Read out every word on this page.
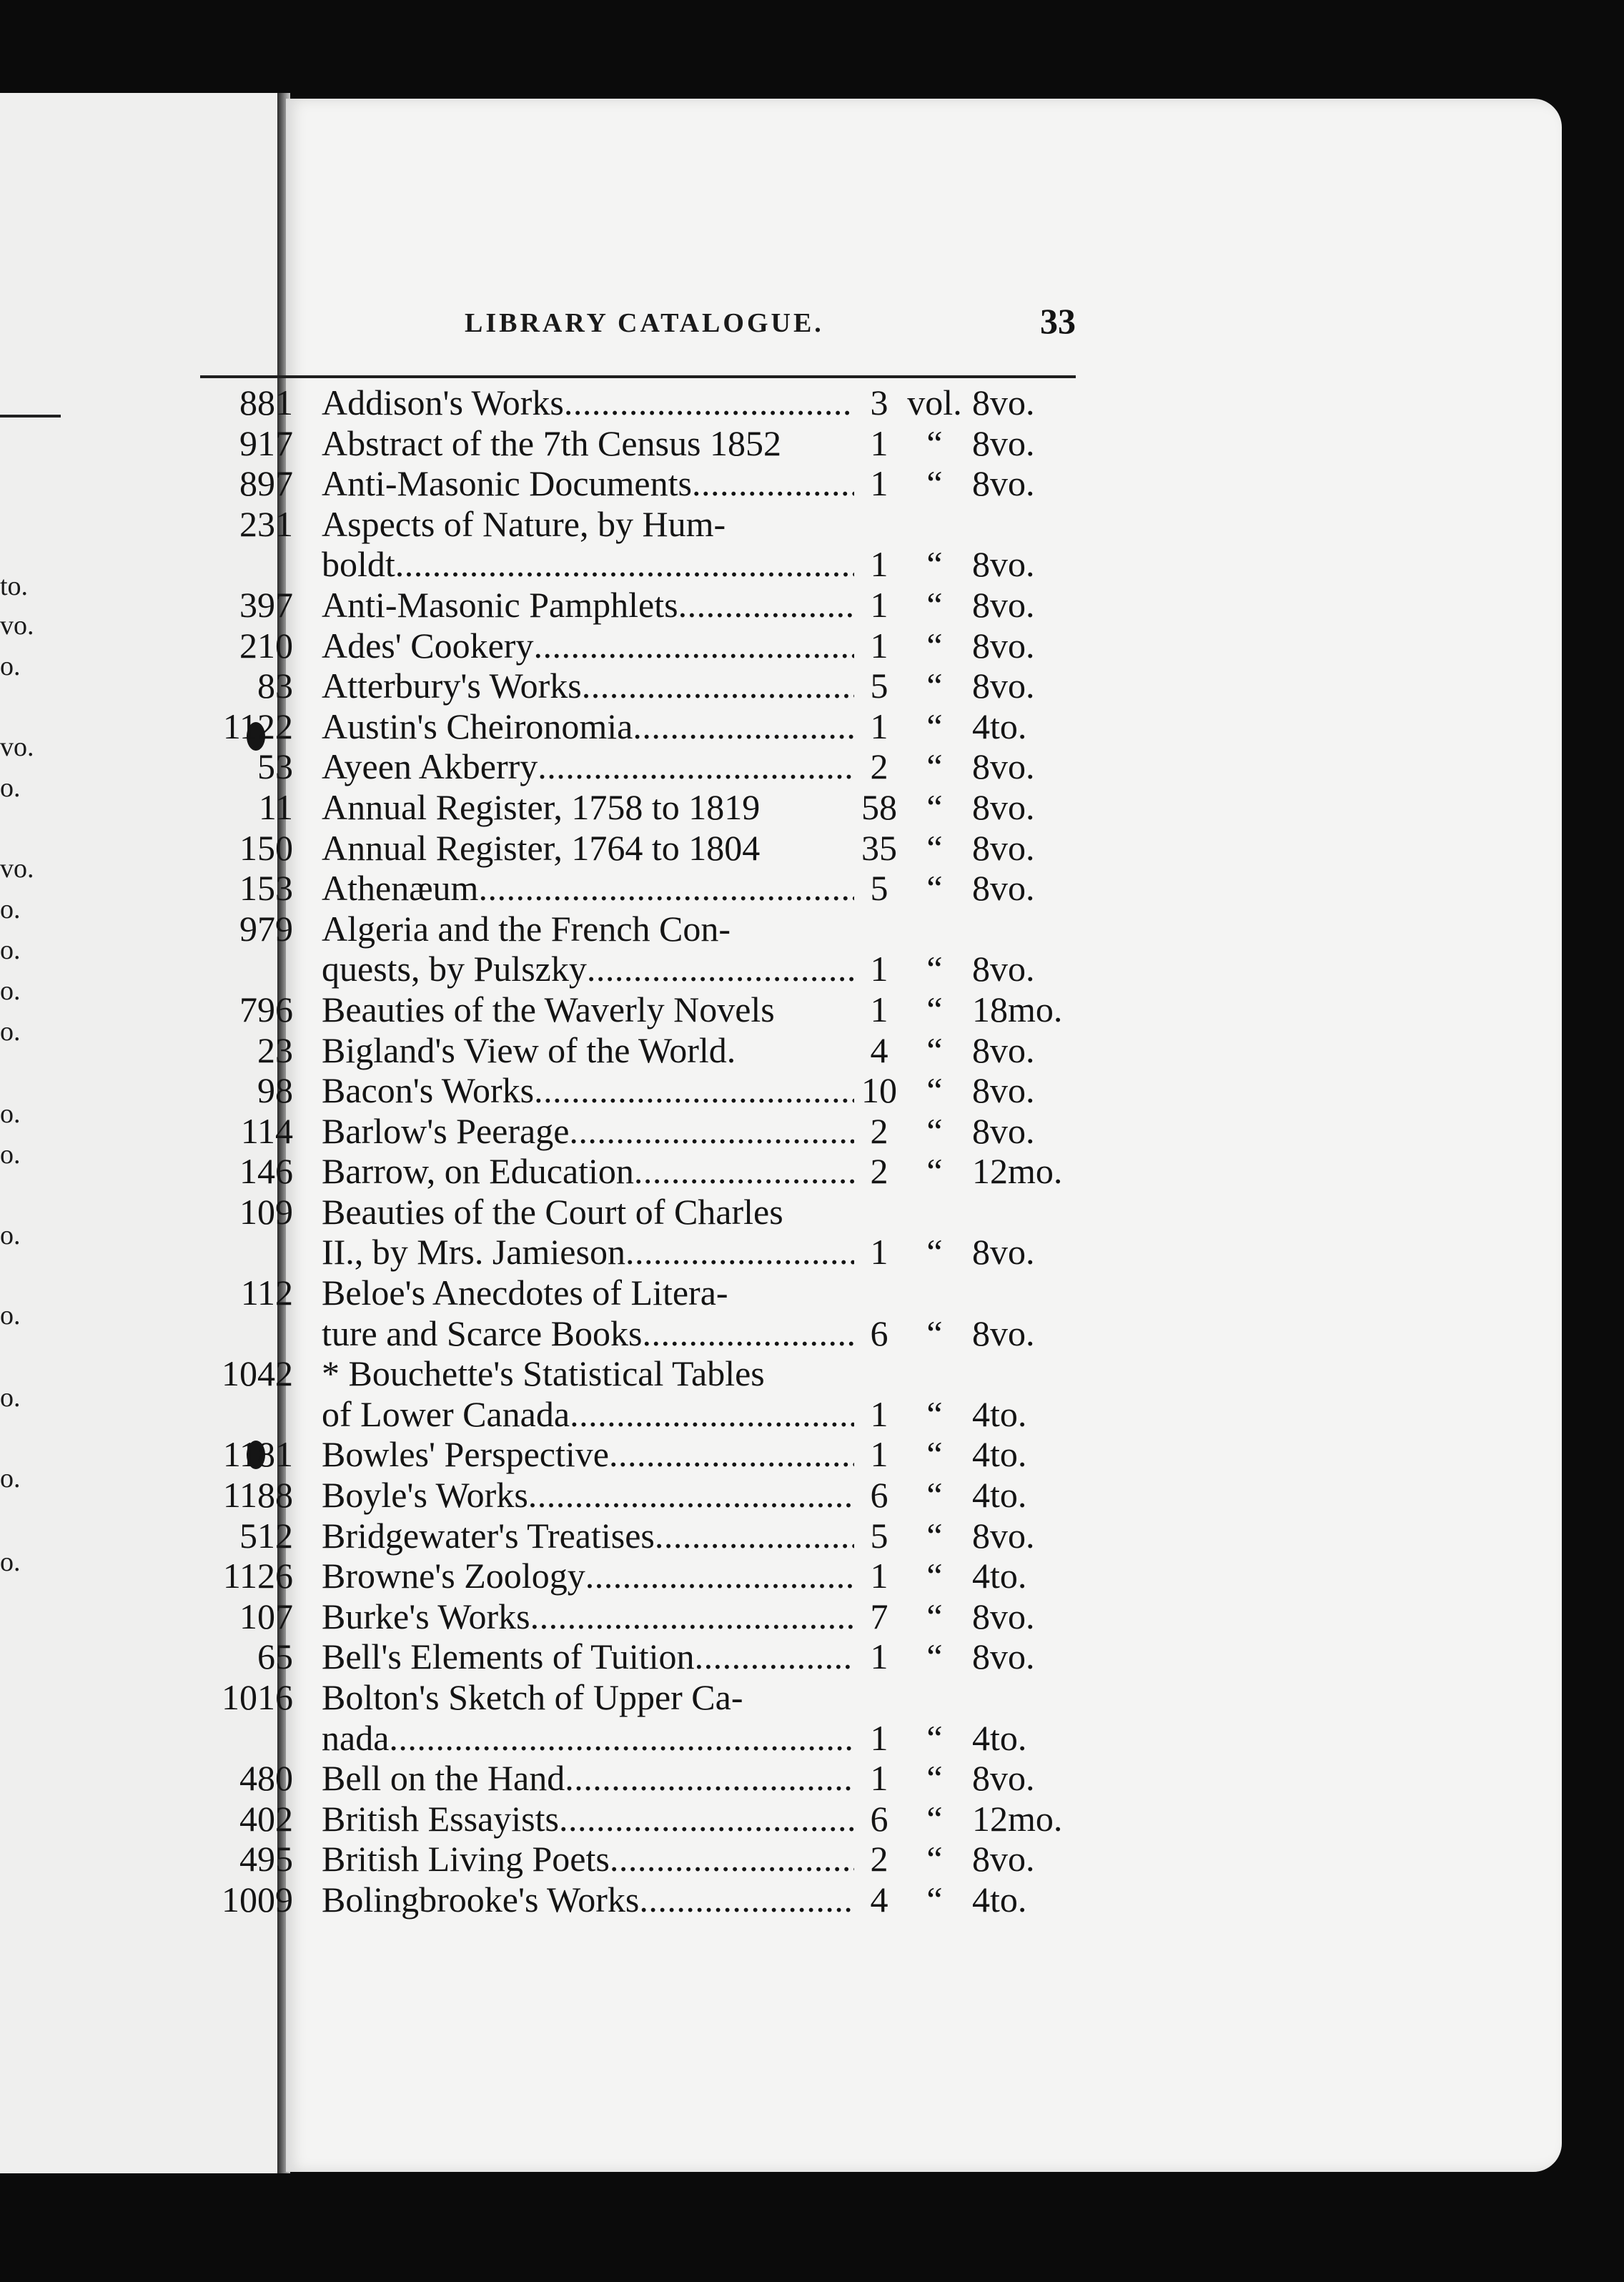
to.
vo.
o.
vo.
o.
vo.
o.
o.
o.
o.
o.
o.
o.
o.
o.
o.
o.
LIBRARY CATALOGUE.	33
881 Addison's Works . . .	3 vol. 8vo.
917 Abstract of the 7th Census 1852	1	“ 8vo.
897 Anti-Masonic Documents . . .	1	“ 8vo.
231 Aspects of Nature, by Hum-
boldt . . .	1	“ 8vo.
397 Anti-Masonic Pamphlets . . .	1	“ 8vo.
210 Ades' Cookery . . .	1	“ 8vo.
83 Atterbury's Works . . .	5	“ 8vo.
1122 Austin's Cheironomia . . .	1	“ 4to.
53 Ayeen Akberry . . .	2	“ 8vo.
11 Annual Register, 1758 to 1819	58 “ 8vo.
150 Annual Register, 1764 to 1804	35 “ 8vo.
153 Athenæum . . .	5	“ 8vo.
979 Algeria and the French Con-
quests, by Pulszky . . .	1	“ 8vo.
796 Beauties of the Waverly Novels	1	“ 18mo.
23 Bigland's View of the World.	4	“ 8vo.
98 Bacon's Works . . .	10 “ 8vo.
114 Barlow's Peerage . . .	2	“ 8vo.
146 Barrow, on Education . . .	2	“ 12mo.
109 Beauties of the Court of Charles
II., by Mrs. Jamieson . . .	1	“ 8vo.
112 Beloe's Anecdotes of Litera-
ture and Scarce Books . . .	6	“ 8vo.
1042 * Bouchette's Statistical Tables
of Lower Canada . . .	1	“ 4to.
1181 Bowles' Perspective . . .	1	“ 4to.
1188 Boyle's Works . . .	6	“ 4to.
512 Bridgewater's Treatises . . .	5	“ 8vo.
1126 Browne's Zoology . . .	1	“ 4to.
107 Burke's Works . . .	7	“ 8vo.
65 Bell's Elements of Tuition . . .	1	“ 8vo.
1016 Bolton's Sketch of Upper Ca-
nada . . .	1	“ 4to.
480 Bell on the Hand . . .	1	“ 8vo.
402 British Essayists . . .	6	“ 12mo.
495 British Living Poets . . .	2	“ 8vo.
1009 Bolingbrooke's Works . . .	4	“ 4to.
